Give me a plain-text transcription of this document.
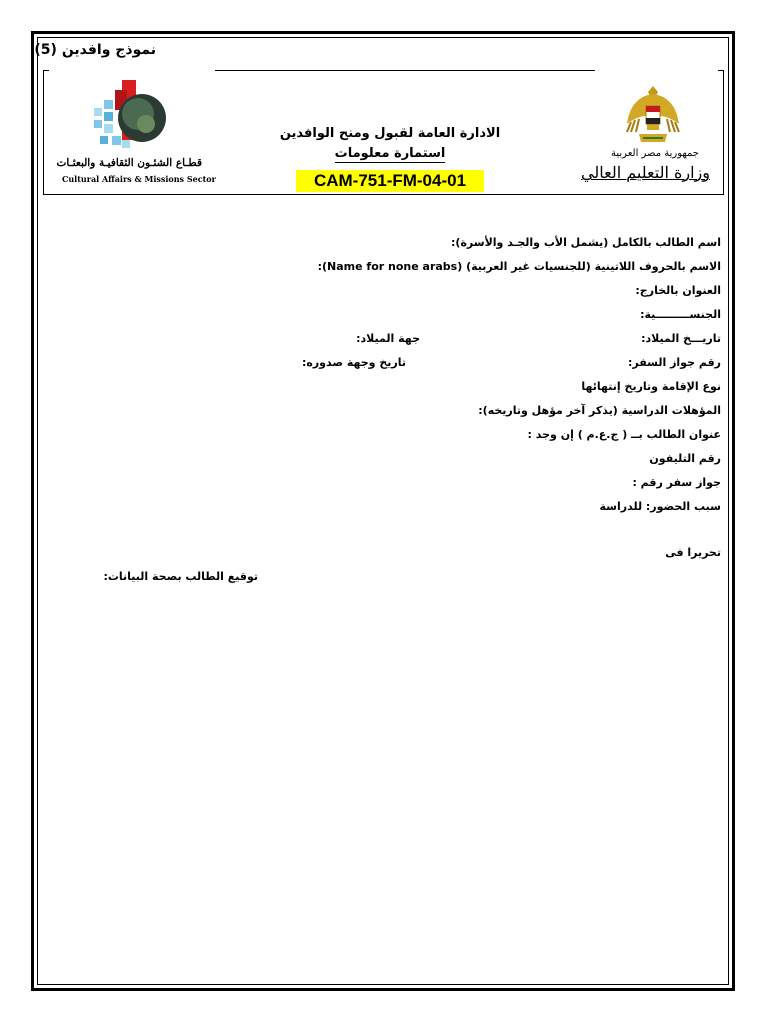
نموذج وافدين (5)
قطـاع الشئـون الثقافيـة والبعثـات
Cultural Affairs & Missions Sector
جمهورية مصر العربية
وزارة التعليم العالي
الادارة العامة لقبول ومنح الوافدين
استمارة معلومات
CAM-751-FM-04-01
اسم الطالب بالكامل (يشمل الأب والجـد والأسرة):
الاسم بالحروف اللاتينية (للجنسيات غير العربية) (Name for none arabs):
العنوان بالخارج:
الجنســـــــــية:
تاريـــخ الميلاد:
جهة الميلاد:
رقم جواز السفر:
تاريخ وجهة صدوره:
نوع الإقامة وتاريخ إنتهائها
المؤهلات الدراسية (يذكر آخر مؤهل وتاريخه):
عنوان الطالب بــ ( ج.ع.م ) إن وجد :
رقم التليفون
جواز سفر رقم :
سبب الحضور: للدراسة
تحريرا فى
توقيع الطالب بصحة البيانات:
